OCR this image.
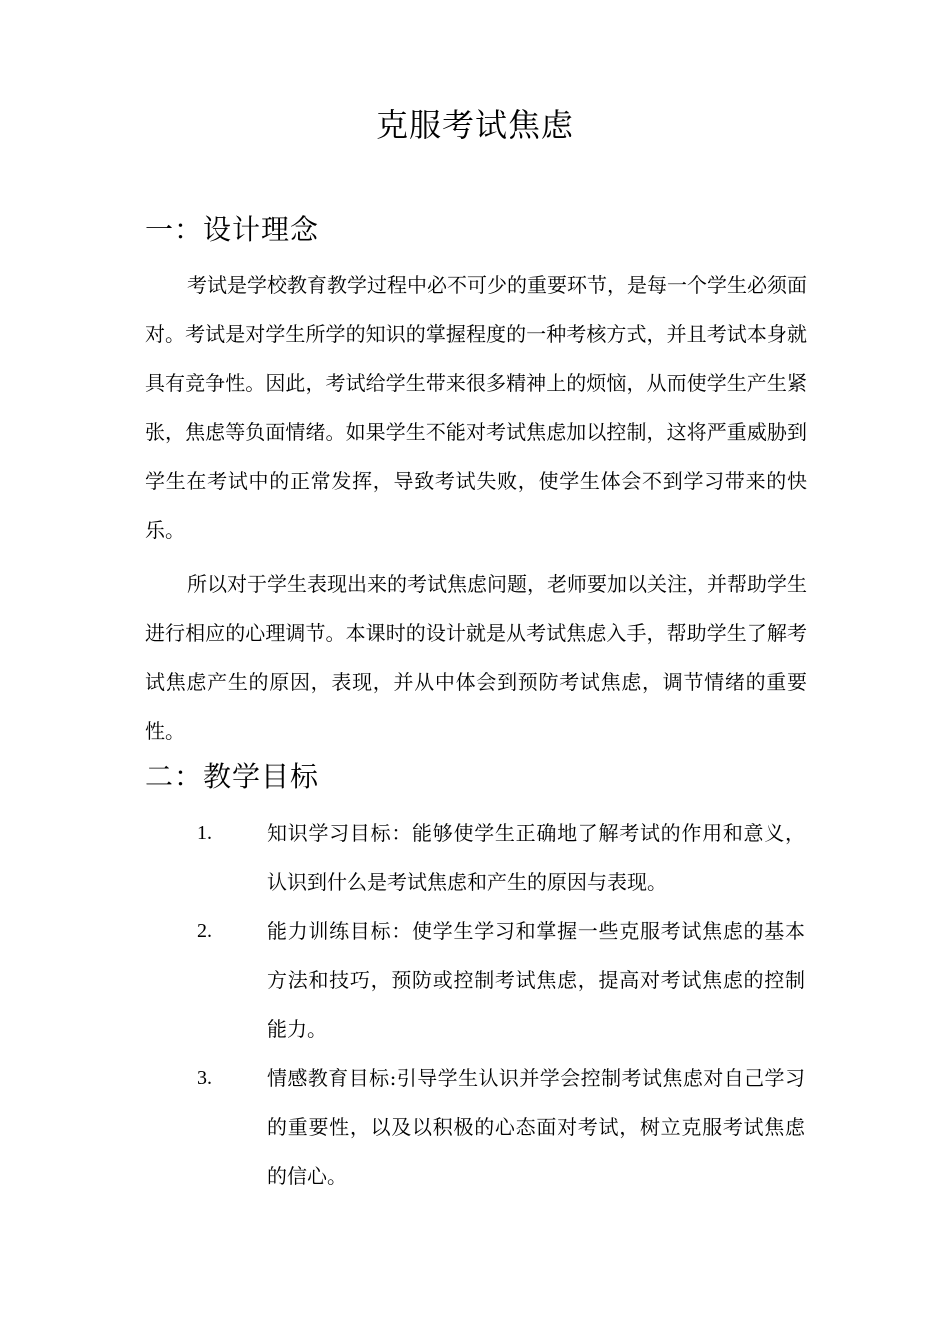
克服考试焦虑
一：设计理念

考试是学校教育教学过程中必不可少的重要环节，是每一个学生必须面对。考试是对学生所学的知识的掌握程度的一种考核方式，并且考试本身就具有竞争性。因此，考试给学生带来很多精神上的烦恼，从而使学生产生紧张，焦虑等负面情绪。如果学生不能对考试焦虑加以控制，这将严重威胁到学生在考试中的正常发挥，导致考试失败，使学生体会不到学习带来的快乐。

所以对于学生表现出来的考试焦虑问题，老师要加以关注，并帮助学生进行相应的心理调节。本课时的设计就是从考试焦虑入手，帮助学生了解考试焦虑产生的原因，表现，并从中体会到预防考试焦虑，调节情绪的重要性。

二：教学目标
1.	知识学习目标：能够使学生正确地了解考试的作用和意义，认识到什么是考试焦虑和产生的原因与表现。

2.	能力训练目标：使学生学习和掌握一些克服考试焦虑的基本方法和技巧，预防或控制考试焦虑，提高对考试焦虑的控制能力。

3.	情感教育目标:引导学生认识并学会控制考试焦虑对自己学习的重要性，以及以积极的心态面对考试，树立克服考试焦虑的信心。
